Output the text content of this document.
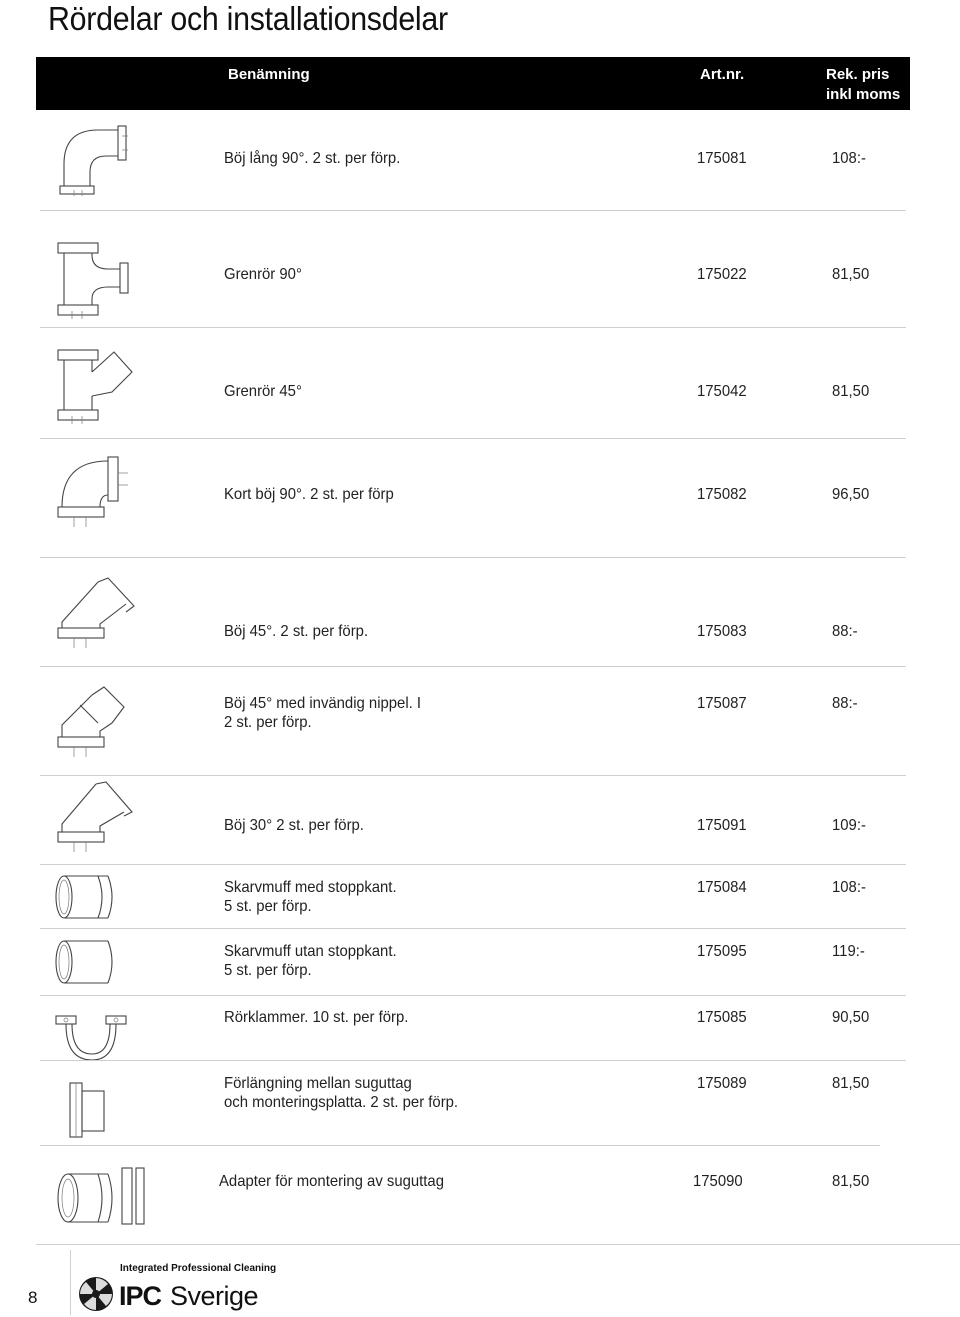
Rördelar och installationsdelar
Benämning	Art.nr.	Rek. pris
inkl moms
Böj lång 90°. 2 st. per förp.	175081	108:-
Grenrör 90°	175022	81,50
Grenrör 45°	175042	81,50
Kort böj 90°. 2 st. per förp	175082	96,50
Böj 45°. 2 st. per förp.	175083	88:-
Böj 45° med invändig nippel. I
2 st. per förp.
175087	88:-
Böj 30° 2 st. per förp.	175091	109:-
Skarvmuff med stoppkant.
5 st. per förp.
175084	108:-
Skarvmuff utan stoppkant.
5 st. per förp.
175095	119:-
Rörklammer. 10 st. per förp.	175085	90,50
Förlängning mellan suguttag
och monteringsplatta. 2 st. per förp.
175089	81,50
Adapter för montering av suguttag	175090	81,50
8
Integrated Professional Cleaning
IPC Sverige
